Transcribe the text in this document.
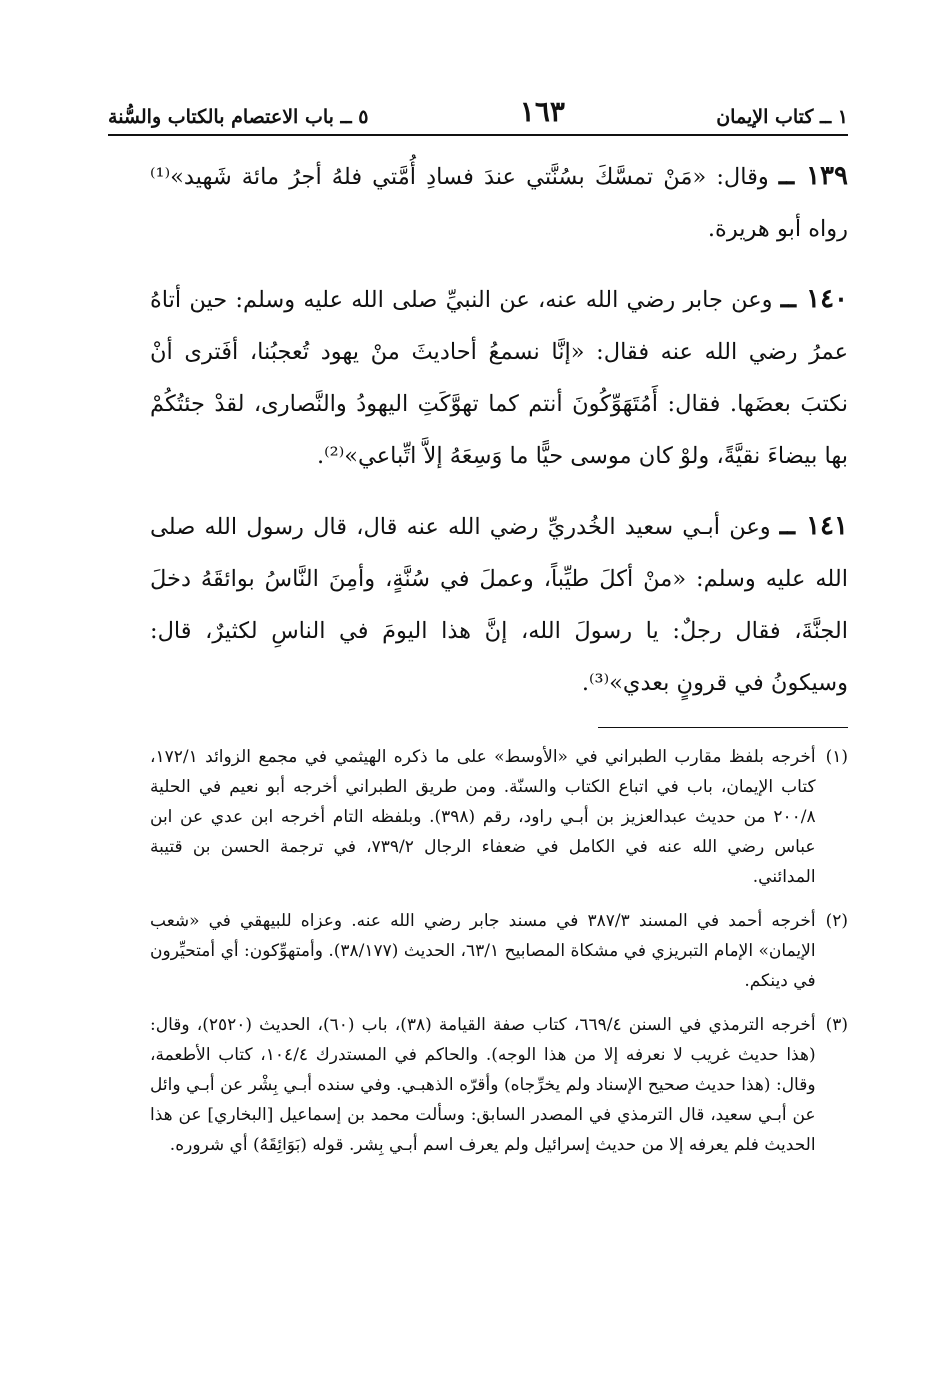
١ ــ كتاب الإيمان
١٦٣
٥ ــ باب الاعتصام بالكتاب والسُّنة

١٣٩ ــ وقال: «مَنْ تمسَّكَ بسُنَّتي عندَ فسادِ أُمَّتي فلهُ أجرُ مائة شَهيد»⁽¹⁾ رواه أبو هريرة.

١٤٠ ــ وعن جابر رضي الله عنه، عن النبيِّ صلى الله عليه وسلم: حين أتاهُ عمرُ رضي الله عنه فقال: «إنَّا نسمعُ أحاديثَ منْ يهود تُعجبُنا، أفَترى أنْ نكتبَ بعضَها. فقال: أَمُتَهَوِّكُونَ أنتم كما تهوَّكَتِ اليهودُ والنَّصارى، لقدْ جئتُكُمْ بها بيضاءَ نقيَّةً، ولوْ كان موسى حيًّا ما وَسِعَهُ إلاَّ اتِّباعي»⁽²⁾.

١٤١ ــ وعن أبـي سعيد الخُدريِّ رضي الله عنه قال، قال رسول الله صلى الله عليه وسلم: «منْ أكلَ طيِّباً، وعملَ في سُنَّةٍ، وأمِنَ النَّاسُ بوائقَهُ دخلَ الجنَّةَ، فقال رجلٌ: يا رسولَ الله، إنَّ هذا اليومَ في الناسِ لكثيرٌ، قال: وسيكونُ في قرونٍ بعدي»⁽³⁾.

(١)
أخرجه بلفظ مقارب الطبراني في «الأوسط» على ما ذكره الهيثمي في مجمع الزوائد ١٧٢/١، كتاب الإيمان، باب في اتباع الكتاب والسنّة. ومن طريق الطبراني أخرجه أبو نعيم في الحلية ٢٠٠/٨ من حديث عبدالعزيز بن أبـي راود، رقم (٣٩٨). وبلفظه التام أخرجه ابن عدي عن ابن عباس رضي الله عنه في الكامل في ضعفاء الرجال ٧٣٩/٢، في ترجمة الحسن بن قتيبة المدائني.
(٢)
أخرجه أحمد في المسند ٣٨٧/٣ في مسند جابر رضي الله عنه. وعزاه للبيهقي في «شعب الإيمان» الإمام التبريزي في مشكاة المصابيح ٦٣/١، الحديث (٣٨/١٧٧). وأمتهوِّكون: أي أمتحيِّرون في دينكم.
(٣)
أخرجه الترمذي في السنن ٦٦٩/٤، كتاب صفة القيامة (٣٨)، باب (٦٠)، الحديث (٢٥٢٠)، وقال: (هذا حديث غريب لا نعرفه إلا من هذا الوجه). والحاكم في المستدرك ١٠٤/٤، كتاب الأطعمة، وقال: (هذا حديث صحيح الإسناد ولم يخرِّجاه) وأقرّه الذهبـي. وفي سنده أبـي بِشْر عن أبـي وائل عن أبـي سعيد، قال الترمذي في المصدر السابق: وسألت محمد بن إسماعيل [البخاري] عن هذا الحديث فلم يعرفه إلا من حديث إسرائيل ولم يعرف اسم أبـي بِشر. قوله (بَوَائِقَهُ) أي شروره.
